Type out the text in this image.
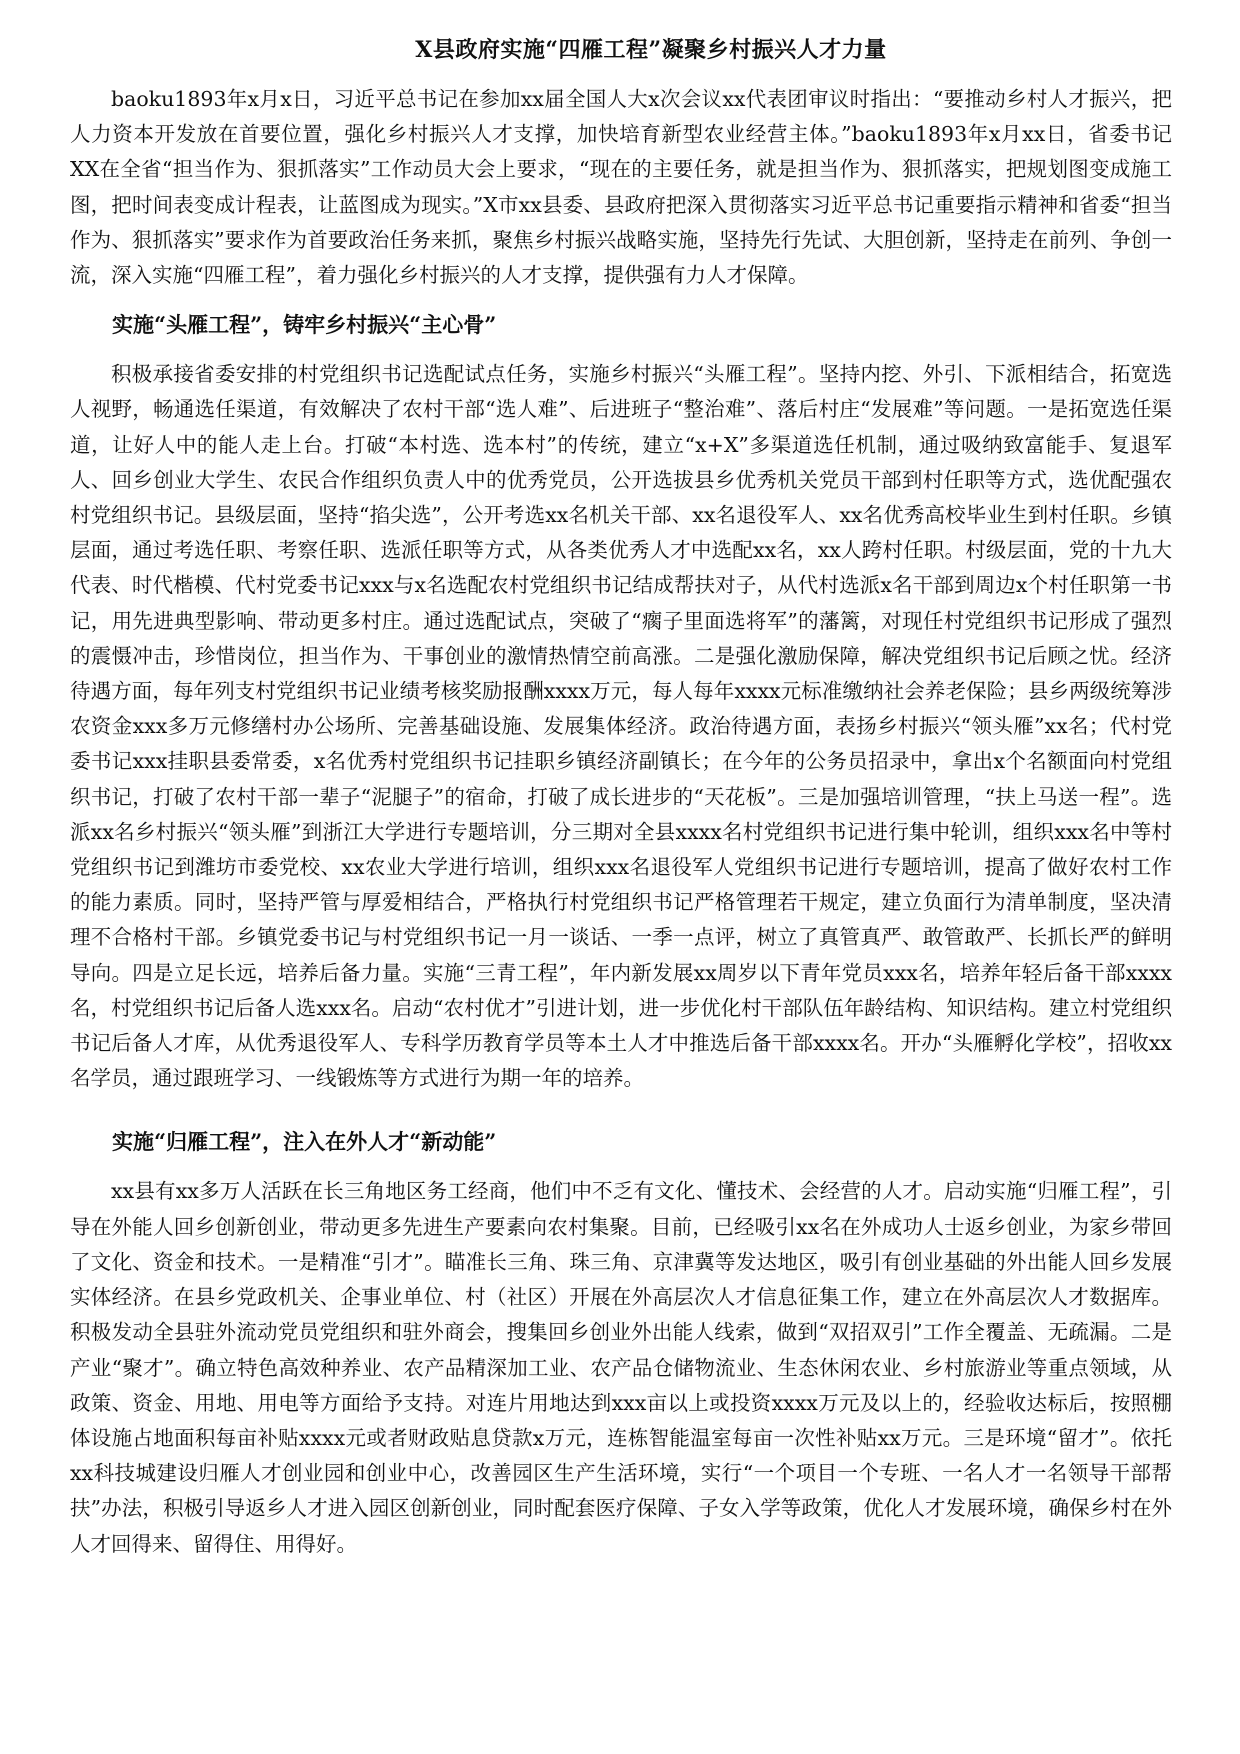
X县政府实施“四雁工程”凝聚乡村振兴人才力量

baoku1893年x月x日，习近平总书记在参加xx届全国人大x次会议xx代表团审议时指出：“要推动乡村人才振兴，把人力资本开发放在首要位置，强化乡村振兴人才支撑，加快培育新型农业经营主体。”baoku1893年x月xx日，省委书记XX在全省“担当作为、狠抓落实”工作动员大会上要求，“现在的主要任务，就是担当作为、狠抓落实，把规划图变成施工图，把时间表变成计程表，让蓝图成为现实。”X市xx县委、县政府把深入贯彻落实习近平总书记重要指示精神和省委“担当作为、狠抓落实”要求作为首要政治任务来抓，聚焦乡村振兴战略实施，坚持先行先试、大胆创新，坚持走在前列、争创一流，深入实施“四雁工程”，着力强化乡村振兴的人才支撑，提供强有力人才保障。

实施“头雁工程”，铸牢乡村振兴“主心骨”

积极承接省委安排的村党组织书记选配试点任务，实施乡村振兴“头雁工程”。坚持内挖、外引、下派相结合，拓宽选人视野，畅通选任渠道，有效解决了农村干部“选人难”、后进班子“整治难”、落后村庄“发展难”等问题。一是拓宽选任渠道，让好人中的能人走上台。打破“本村选、选本村”的传统，建立“x+X”多渠道选任机制，通过吸纳致富能手、复退军人、回乡创业大学生、农民合作组织负责人中的优秀党员，公开选拔县乡优秀机关党员干部到村任职等方式，选优配强农村党组织书记。县级层面，坚持“掐尖选”，公开考选xx名机关干部、xx名退役军人、xx名优秀高校毕业生到村任职。乡镇层面，通过考选任职、考察任职、选派任职等方式，从各类优秀人才中选配xx名，xx人跨村任职。村级层面，党的十九大代表、时代楷模、代村党委书记xxx与x名选配农村党组织书记结成帮扶对子，从代村选派x名干部到周边x个村任职第一书记，用先进典型影响、带动更多村庄。通过选配试点，突破了“瘸子里面选将军”的藩篱，对现任村党组织书记形成了强烈的震慑冲击，珍惜岗位，担当作为、干事创业的激情热情空前高涨。二是强化激励保障，解决党组织书记后顾之忧。经济待遇方面，每年列支村党组织书记业绩考核奖励报酬xxxx万元，每人每年xxxx元标准缴纳社会养老保险；县乡两级统筹涉农资金xxx多万元修缮村办公场所、完善基础设施、发展集体经济。政治待遇方面，表扬乡村振兴“领头雁”xx名；代村党委书记xxx挂职县委常委，x名优秀村党组织书记挂职乡镇经济副镇长；在今年的公务员招录中，拿出x个名额面向村党组织书记，打破了农村干部一辈子“泥腿子”的宿命，打破了成长进步的“天花板”。三是加强培训管理，“扶上马送一程”。选派xx名乡村振兴“领头雁”到浙江大学进行专题培训，分三期对全县xxxx名村党组织书记进行集中轮训，组织xxx名中等村党组织书记到潍坊市委党校、xx农业大学进行培训，组织xxx名退役军人党组织书记进行专题培训，提高了做好农村工作的能力素质。同时，坚持严管与厚爱相结合，严格执行村党组织书记严格管理若干规定，建立负面行为清单制度，坚决清理不合格村干部。乡镇党委书记与村党组织书记一月一谈话、一季一点评，树立了真管真严、敢管敢严、长抓长严的鲜明导向。四是立足长远，培养后备力量。实施“三青工程”，年内新发展xx周岁以下青年党员xxx名，培养年轻后备干部xxxx名，村党组织书记后备人选xxx名。启动“农村优才”引进计划，进一步优化村干部队伍年龄结构、知识结构。建立村党组织书记后备人才库，从优秀退役军人、专科学历教育学员等本土人才中推选后备干部xxxx名。开办“头雁孵化学校”，招收xx名学员，通过跟班学习、一线锻炼等方式进行为期一年的培养。

实施“归雁工程”，注入在外人才“新动能”

xx县有xx多万人活跃在长三角地区务工经商，他们中不乏有文化、懂技术、会经营的人才。启动实施“归雁工程”，引导在外能人回乡创新创业，带动更多先进生产要素向农村集聚。目前，已经吸引xx名在外成功人士返乡创业，为家乡带回了文化、资金和技术。一是精准“引才”。瞄准长三角、珠三角、京津冀等发达地区，吸引有创业基础的外出能人回乡发展实体经济。在县乡党政机关、企事业单位、村（社区）开展在外高层次人才信息征集工作，建立在外高层次人才数据库。积极发动全县驻外流动党员党组织和驻外商会，搜集回乡创业外出能人线索，做到“双招双引”工作全覆盖、无疏漏。二是产业“聚才”。确立特色高效种养业、农产品精深加工业、农产品仓储物流业、生态休闲农业、乡村旅游业等重点领域，从政策、资金、用地、用电等方面给予支持。对连片用地达到xxx亩以上或投资xxxx万元及以上的，经验收达标后，按照棚体设施占地面积每亩补贴xxxx元或者财政贴息贷款x万元，连栋智能温室每亩一次性补贴xx万元。三是环境“留才”。依托xx科技城建设归雁人才创业园和创业中心，改善园区生产生活环境，实行“一个项目一个专班、一名人才一名领导干部帮扶”办法，积极引导返乡人才进入园区创新创业，同时配套医疗保障、子女入学等政策，优化人才发展环境，确保乡村在外人才回得来、留得住、用得好。
